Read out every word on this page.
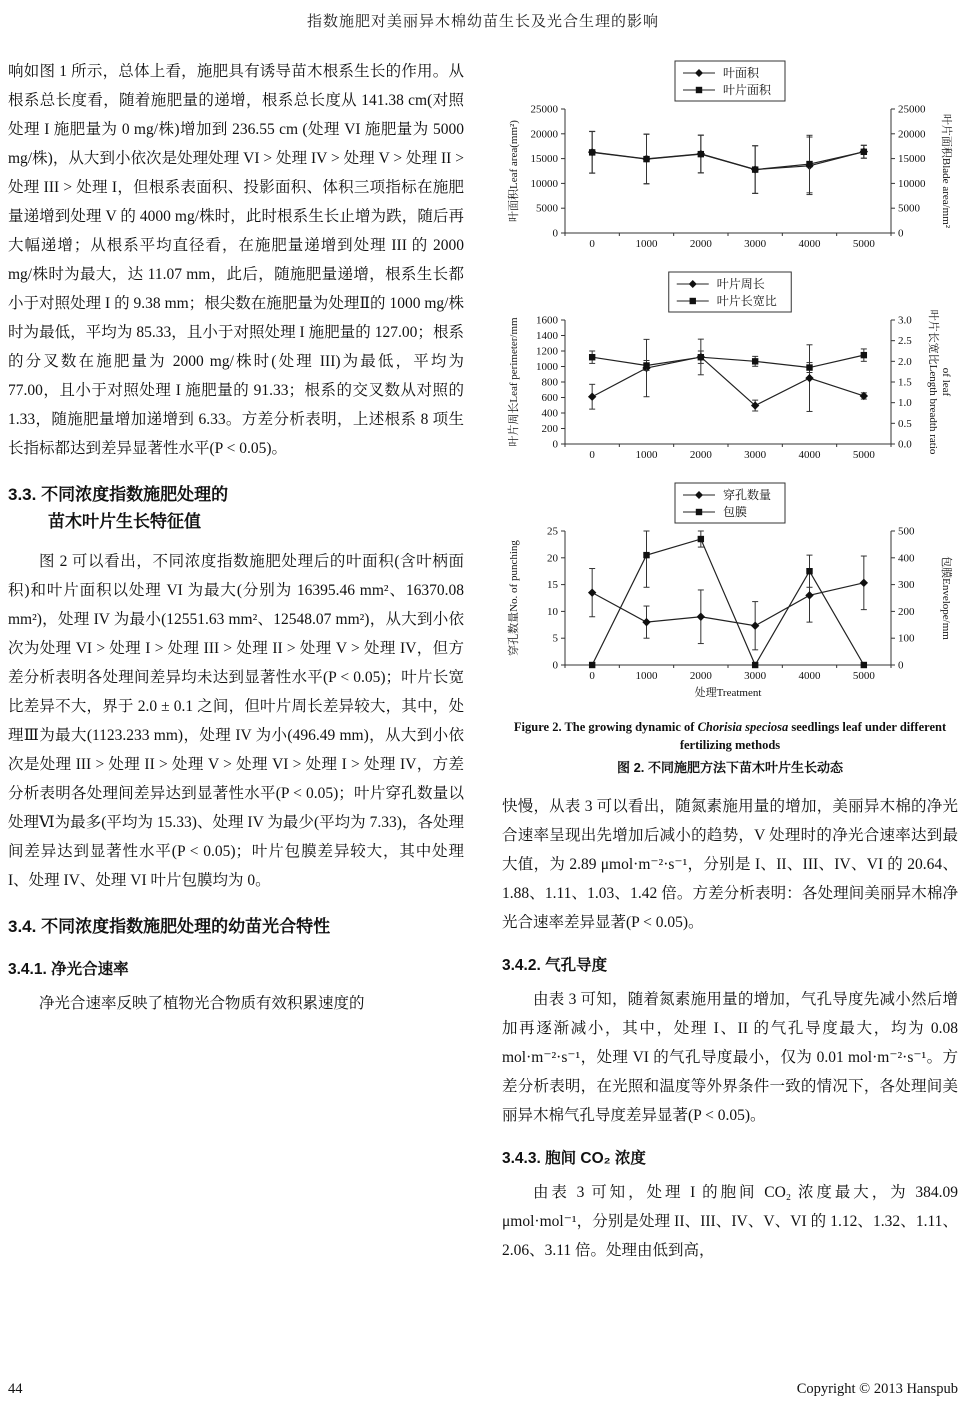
指数施肥对美丽异木棉幼苗生长及光合生理的影响

响如图 1 所示，总体上看，施肥具有诱导苗木根系生长的作用。从根系总长度看，随着施肥量的递增，根系总长度从 141.38 cm(对照处理 I 施肥量为 0 mg/株)增加到 236.55 cm (处理 VI 施肥量为 5000 mg/株)，从大到小依次是处理处理 VI > 处理 IV > 处理 V > 处理 II > 处理 III > 处理 I，但根系表面积、投影面积、体积三项指标在施肥量递增到处理 V 的 4000 mg/株时，此时根系生长止增为跌，随后再大幅递增；从根系平均直径看，在施肥量递增到处理 III 的 2000 mg/株时为最大，达 11.07 mm，此后，随施肥量递增，根系生长都小于对照处理 I 的 9.38 mm；根尖数在施肥量为处理Ⅱ的 1000 mg/株时为最低，平均为 85.33，且小于对照处理 I 施肥量的 127.00；根系的分叉数在施肥量为 2000 mg/株时(处理 III)为最低，平均为 77.00，且小于对照处理 I 施肥量的 91.33；根系的交叉数从对照的 1.33，随施肥量增加递增到 6.33。方差分析表明，上述根系 8 项生长指标都达到差异显著性水平(P < 0.05)。

3.3. 不同浓度指数施肥处理的
苗木叶片生长特征值

图 2 可以看出，不同浓度指数施肥处理后的叶面积(含叶柄面积)和叶片面积以处理 VI 为最大(分别为 16395.46 mm²、16370.08 mm²)，处理 IV 为最小(12551.63 mm²、12548.07 mm²)，从大到小依次为处理 VI > 处理 I > 处理 III > 处理 II > 处理 V > 处理 IV，但方差分析表明各处理间差异均未达到显著性水平(P < 0.05)；叶片长宽比差异不大，界于 2.0 ± 0.1 之间，但叶片周长差异较大，其中，处理Ⅲ为最大(1123.233 mm)，处理 IV 为小(496.49 mm)，从大到小依次是处理 III > 处理 II > 处理 V > 处理 VI > 处理 I > 处理 IV，方差分析表明各处理间差异达到显著性水平(P < 0.05)；叶片穿孔数量以处理Ⅵ为最多(平均为 15.33)、处理 IV 为最少(平均为 7.33)，各处理间差异达到显著性水平(P < 0.05)；叶片包膜差异较大，其中处理 I、处理 IV、处理 VI 叶片包膜均为 0。

3.4. 不同浓度指数施肥处理的幼苗光合特性
3.4.1. 净光合速率

净光合速率反映了植物光合物质有效积累速度的

0
5000
10000
15000
20000
25000
0
5000
10000
15000
20000
25000
0	1000	2000	3000	4000	5000
叶面积Leaf area(mm²)	叶片面积Blade area/mm²
叶面积
叶片面积
0
200
400
600
800
1000
1200
1400
1600
0.0
0.5
1.0
1.5
2.0
2.5
3.0
0	1000	2000	3000	4000	5000
叶片周长Leaf perimeter/mm	叶片长宽比Length breadth ratio of leaf
叶片周长
叶片长宽比
0
5
10
15
20
25
0
100
200
300
400
500
0	1000	2000	3000	4000	5000
处理Treatment
穿孔数量No. of punching	包膜Envelope/mm
穿孔数量
包膜
Figure 2. The growing dynamic of Chorisia speciosa seedlings leaf under different fertilizing methods
图 2. 不同施肥方法下苗木叶片生长动态

快慢，从表 3 可以看出，随氮素施用量的增加，美丽异木棉的净光合速率呈现出先增加后减小的趋势，V 处理时的净光合速率达到最大值，为 2.89 μmol·m⁻²·s⁻¹，分别是 I、II、III、IV、VI 的 20.64、1.88、1.11、1.03、1.42 倍。方差分析表明：各处理间美丽异木棉净光合速率差异显著(P < 0.05)。

3.4.2. 气孔导度

由表 3 可知，随着氮素施用量的增加，气孔导度先减小然后增加再逐渐减小，其中，处理 I、II 的气孔导度最大，均为 0.08 mol·m⁻²·s⁻¹，处理 VI 的气孔导度最小，仅为 0.01 mol·m⁻²·s⁻¹。方差分析表明，在光照和温度等外界条件一致的情况下，各处理间美丽异木棉气孔导度差异显著(P < 0.05)。

3.4.3. 胞间 CO₂ 浓度

由表 3 可知，处理 I 的胞间 CO₂ 浓度最大，为 384.09 μmol·mol⁻¹，分别是处理 II、III、IV、V、VI 的 1.12、1.32、1.11、2.06、3.11 倍。处理由低到高，

44	Copyright © 2013 Hanspub
